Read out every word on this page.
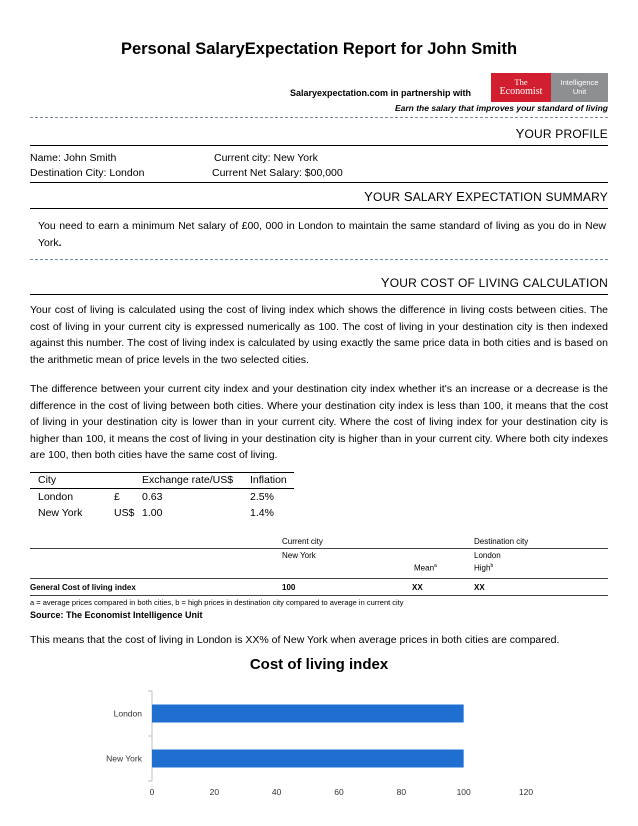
Personal SalaryExpectation Report for John Smith
Salaryexpectation.com in partnership with
The
Economist
Intelligence
Unit
Earn the salary that improves your standard of living
YOUR PROFILE
Name: John Smith	Current city: New York
Destination City: London	Current Net Salary: $00,000
YOUR SALARY EXPECTATION SUMMARY
You need to earn a minimum Net salary of £00, 000 in London to maintain the same standard of living as you do in New York.
YOUR COST OF LIVING CALCULATION
Your cost of living is calculated using the cost of living index which shows the difference in living costs between cities. The cost of living in your current city is expressed numerically as 100. The cost of living in your destination city is then indexed against this number. The cost of living index is calculated by using exactly the same price data in both cities and is based on the arithmetic mean of price levels in the two selected cities.
The difference between your current city index and your destination city index whether it's an increase or a decrease is the difference in the cost of living between both cities. Where your destination city index is less than 100, it means that the cost of living in your destination city is lower than in your current city. Where the cost of living index for your destination city is higher than 100, it means the cost of living in your destination city is higher than in your current city. Where both city indexes are 100, then both cities have the same cost of living.
City	Exchange rate/US$ Inflation
London	£ 0.63	2.5%
New York	US$ 1.00	1.4%
Current city	Destination city
New York	London
Mean$^a$	High$^b$
General Cost of living index	100	XX	XX
a = average prices compared in both cities, b = high prices in destination city compared to average in current city
Source: The Economist Intelligence Unit
This means that the cost of living in London is XX% of New York when average prices in both cities are compared.
Cost of living index
London
New York
0	20	40	60	80	100	120
